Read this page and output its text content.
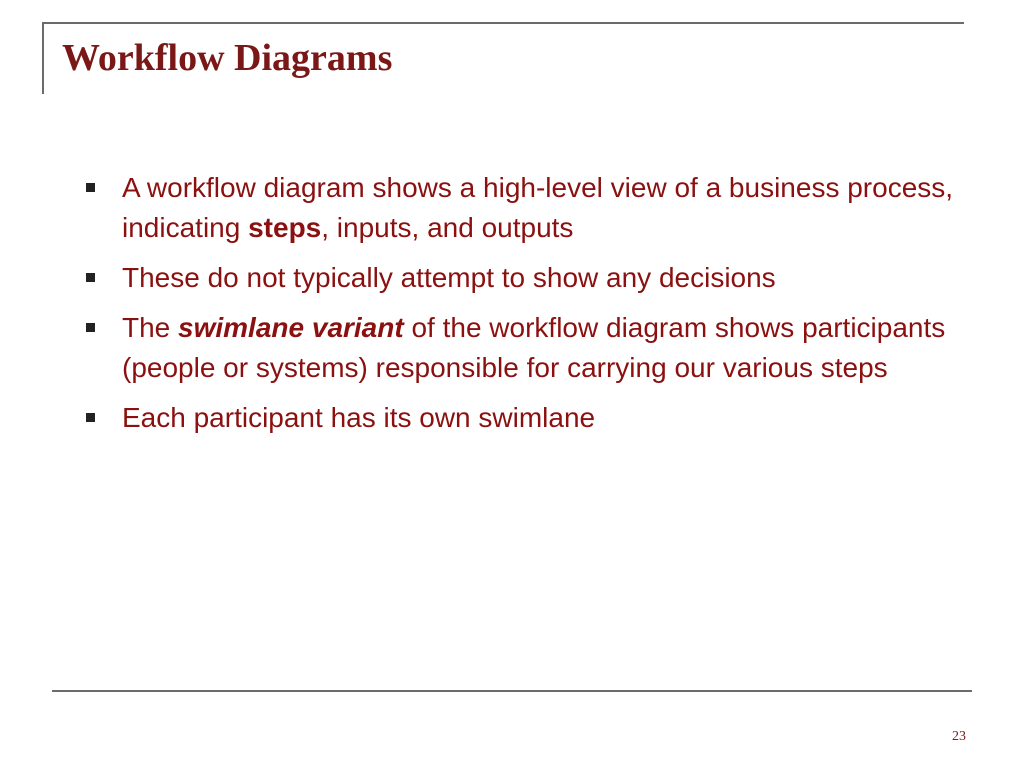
Workflow Diagrams
A workflow diagram shows a high-level view of a business process, indicating steps, inputs, and outputs
These do not typically attempt to show any decisions
The swimlane variant of the workflow diagram shows participants (people or systems) responsible for carrying our various steps
Each participant has its own swimlane
23
